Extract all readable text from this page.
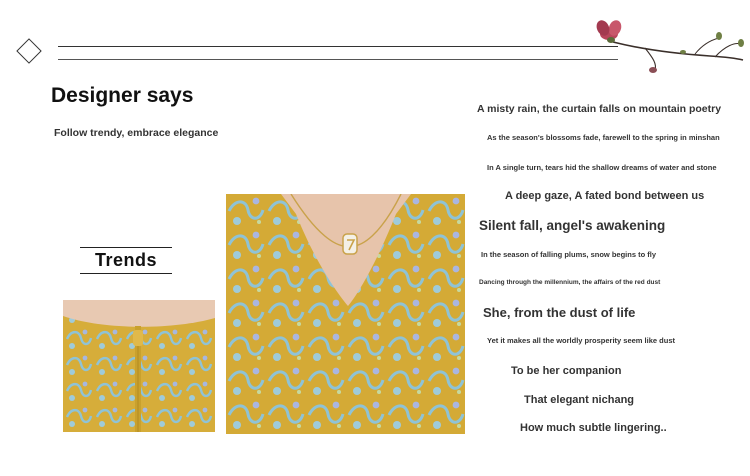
Designer says
Follow trendy, embrace elegance
Trends
A misty rain, the curtain falls on mountain poetry
As the season's blossoms fade, farewell to the spring in minshan
In A single turn, tears hid the shallow dreams of water and stone
A deep gaze, A fated bond between us
Silent fall, angel's awakening
In the season of falling plums, snow begins to fly
Dancing through the millennium, the affairs of the red dust
She, from the dust of life
Yet it makes all the worldly prosperity seem like dust
To be her companion
That elegant nichang
How much subtle lingering..
